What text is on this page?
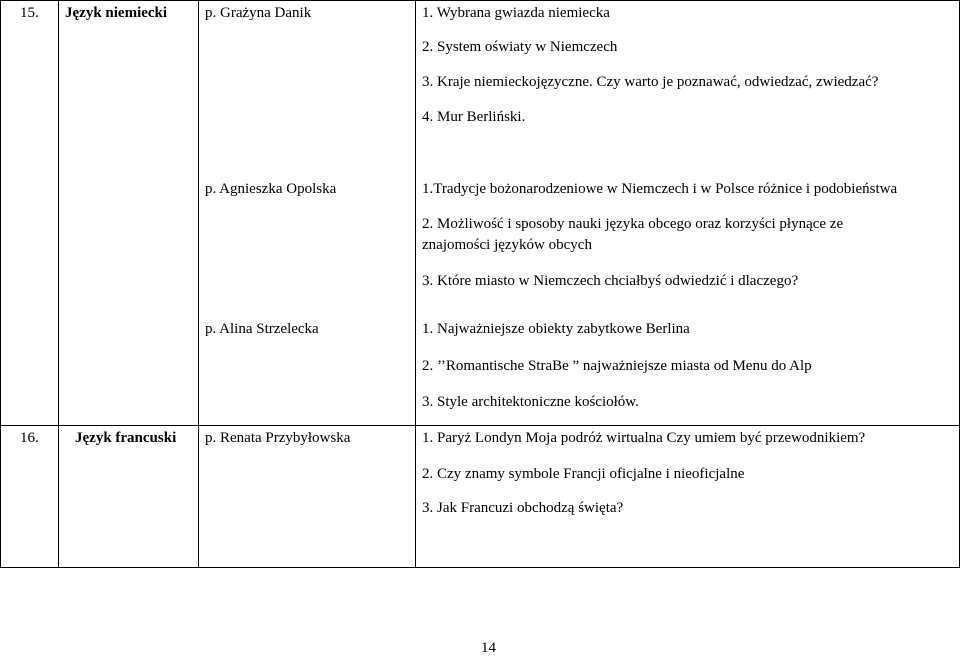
15. Język niemiecki	p. Grażyna Danik	1. Wybrana gwiazda niemiecka
2. System oświaty w Niemczech
3. Kraje niemieckojęzyczne. Czy warto je poznawać, odwiedzać, zwiedzać?
4. Mur Berliński.
p. Agnieszka Opolska	1.Tradycje bożonarodzeniowe w Niemczech i w Polsce różnice i podobieństwa
2. Możliwość i sposoby nauki języka obcego oraz korzyści płynące ze
znajomości języków obcych
3. Które miasto w Niemczech chciałbyś odwiedzić i dlaczego?
p. Alina Strzelecka	1. Najważniejsze obiekty zabytkowe Berlina
2. ’’Romantische StraBe ” najważniejsze miasta od Menu do Alp
3. Style architektoniczne kościołów.
16. Język francuski p. Renata Przybyłowska	1. Paryż Londyn Moja podróż wirtualna Czy umiem być przewodnikiem?
2. Czy znamy symbole Francji oficjalne i nieoficjalne
3. Jak Francuzi obchodzą święta?
14
